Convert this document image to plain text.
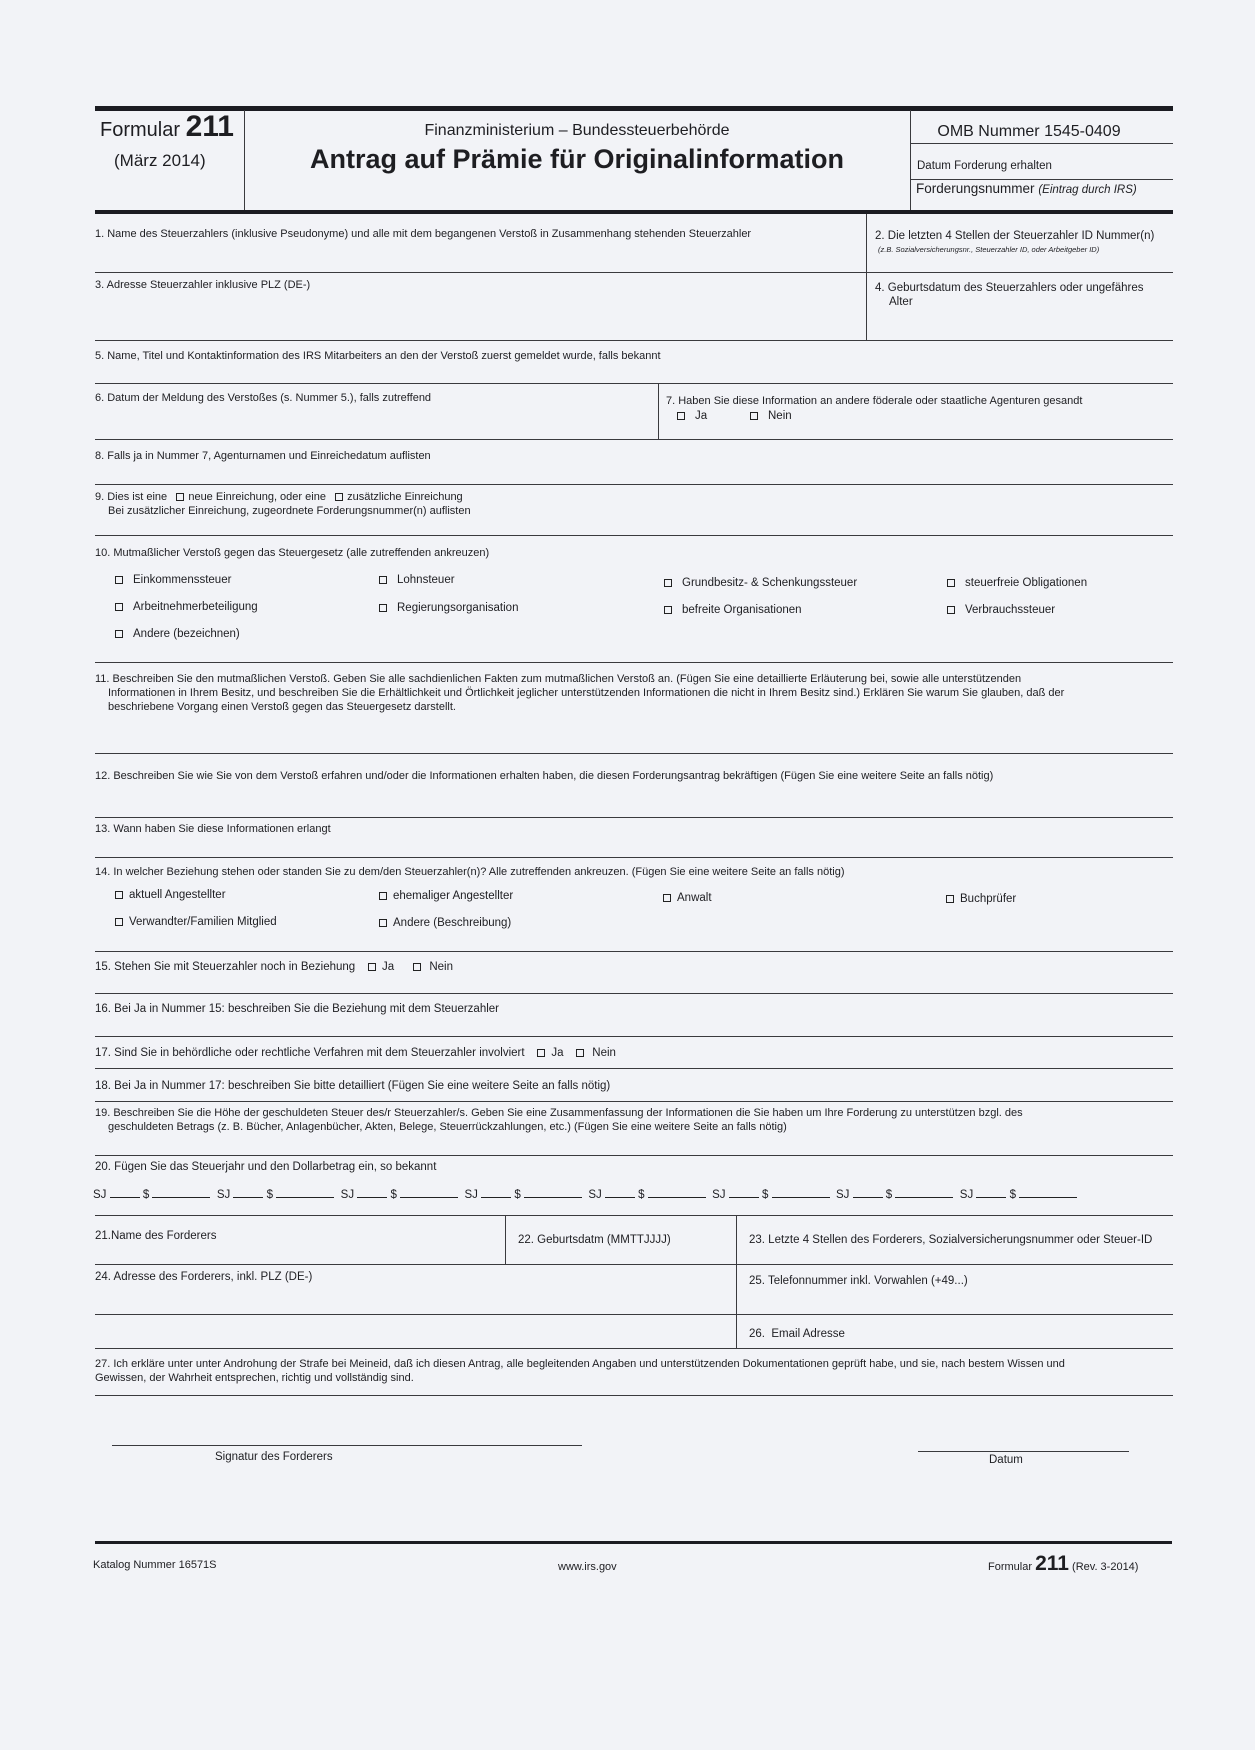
Formular 211
(März 2014)
Finanzministerium – Bundessteuerbehörde
Antrag auf Prämie für Originalinformation
OMB Nummer 1545-0409
Datum Forderung erhalten
Forderungsnummer (Eintrag durch IRS)
1. Name des Steuerzahlers (inklusive Pseudonyme) und alle mit dem begangenen Verstoß in Zusammenhang stehenden Steuerzahler	2. Die letzten 4 Stellen der Steuerzahler ID Nummer(n)
(z.B. Sozialversicherungsnr., Steuerzahler ID, oder Arbeitgeber ID)
3. Adresse Steuerzahler inklusive PLZ (DE-)	4. Geburtsdatum des Steuerzahlers oder ungefähres
Alter
5. Name, Titel und Kontaktinformation des IRS Mitarbeiters an den der Verstoß zuerst gemeldet wurde, falls bekannt
6. Datum der Meldung des Verstoßes (s. Nummer 5.), falls zutreffend	7. Haben Sie diese Information an andere föderale oder staatliche Agenturen gesandt
Ja	Nein
8. Falls ja in Nummer 7, Agenturnamen und Einreichedatum auflisten
9. Dies ist eine neue Einreichung, oder eine zusätzliche Einreichung
Bei zusätzlicher Einreichung, zugeordnete Forderungsnummer(n) auflisten
10. Mutmaßlicher Verstoß gegen das Steuergesetz (alle zutreffenden ankreuzen)
Einkommenssteuer	Lohnsteuer	Grundbesitz- & Schenkungssteuer	steuerfreie Obligationen
Arbeitnehmerbeteiligung	Regierungsorganisation	befreite Organisationen	Verbrauchssteuer
Andere (bezeichnen)
11. Beschreiben Sie den mutmaßlichen Verstoß. Geben Sie alle sachdienlichen Fakten zum mutmaßlichen Verstoß an. (Fügen Sie eine detaillierte Erläuterung bei, sowie alle unterstützenden
Informationen in Ihrem Besitz, und beschreiben Sie die Erhältlichkeit und Örtlichkeit jeglicher unterstützenden Informationen die nicht in Ihrem Besitz sind.) Erklären Sie warum Sie glauben, daß der
beschriebene Vorgang einen Verstoß gegen das Steuergesetz darstellt.
12. Beschreiben Sie wie Sie von dem Verstoß erfahren und/oder die Informationen erhalten haben, die diesen Forderungsantrag bekräftigen (Fügen Sie eine weitere Seite an falls nötig)
13. Wann haben Sie diese Informationen erlangt
14. In welcher Beziehung stehen oder standen Sie zu dem/den Steuerzahler(n)? Alle zutreffenden ankreuzen. (Fügen Sie eine weitere Seite an falls nötig)
aktuell Angestellter	ehemaliger Angestellter	Anwalt	Buchprüfer
Verwandter/Familien Mitglied	Andere (Beschreibung)
15. Stehen Sie mit Steuerzahler noch in Beziehung Ja	Nein
16. Bei Ja in Nummer 15: beschreiben Sie die Beziehung mit dem Steuerzahler
17. Sind Sie in behördliche oder rechtliche Verfahren mit dem Steuerzahler involviert Ja	Nein
18. Bei Ja in Nummer 17: beschreiben Sie bitte detailliert (Fügen Sie eine weitere Seite an falls nötig)
19. Beschreiben Sie die Höhe der geschuldeten Steuer des/r Steuerzahler/s. Geben Sie eine Zusammenfassung der Informationen die Sie haben um Ihre Forderung zu unterstützen bzgl. des
geschuldeten Betrags (z. B. Bücher, Anlagenbücher, Akten, Belege, Steuerrückzahlungen, etc.) (Fügen Sie eine weitere Seite an falls nötig)
20. Fügen Sie das Steuerjahr und den Dollarbetrag ein, so bekannt
SJ	$	SJ	$	SJ	$	SJ	$	SJ	$	SJ	$	SJ	$	SJ	$
21.Name des Forderers	22. Geburtsdatm (MMTTJJJJ)	23. Letzte 4 Stellen des Forderers, Sozialversicherungsnummer oder Steuer-ID
24. Adresse des Forderers, inkl. PLZ (DE-)	25. Telefonnummer inkl. Vorwahlen (+49...)
26.  Email Adresse
27. Ich erkläre unter unter Androhung der Strafe bei Meineid, daß ich diesen Antrag, alle begleitenden Angaben und unterstützenden Dokumentationen geprüft habe, und sie, nach bestem Wissen und
Gewissen, der Wahrheit entsprechen, richtig und vollständig sind.
Signatur des Forderers	Datum
Katalog Nummer 16571S	www.irs.gov	Formular 211 (Rev. 3-2014)
